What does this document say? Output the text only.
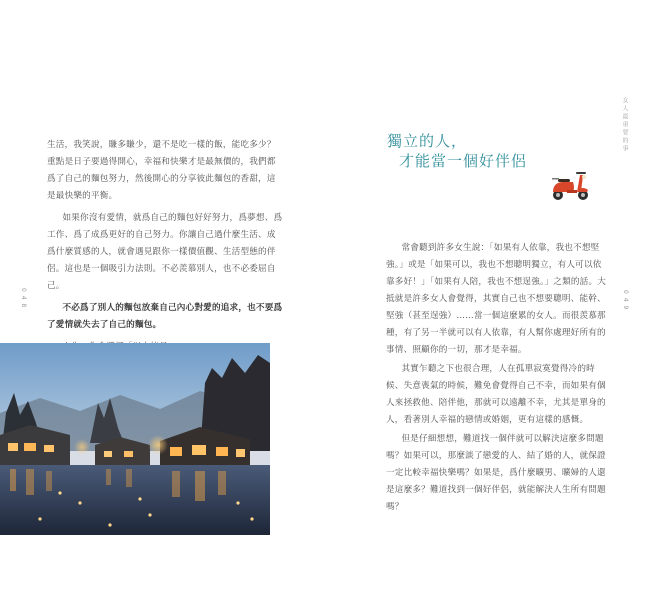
生活，我笑說，賺多賺少，還不是吃一樣的飯，能吃多少？重點是日子要過得開心，幸福和快樂才是最無價的，我們都爲了自己的麵包努力，然後開心的分享彼此麵包的香甜，這是最快樂的平衡。

如果你沒有愛情，就爲自己的麵包好好努力，爲夢想、爲工作、爲了成爲更好的自己努力。你讓自己過什麼生活、成爲什麼質感的人，就會遇見跟你一樣價值觀、生活型態的伴侶。這也是一個吸引力法則。不必羨慕別人，也不必委屈自己。

不必爲了別人的麵包放棄自己內心對愛的追求，也不要爲了愛情就失去了自己的麵包。

0 4 8
女人最重要的事
獨立的人，
才能當一個好伴侶

常會聽到許多女生說：「如果有人依靠，我也不想堅強。」或是「如果可以，我也不想聰明獨立，有人可以依靠多好！」「如果有人陪，我也不想逞強。」之類的話。大抵就是許多女人會覺得，其實自己也不想要聰明、能幹、堅強（甚至逞強）……當一個這麼累的女人。而很羨慕那種，有了另一半就可以有人依靠，有人幫你處理好所有的事情、照顧你的一切，那才是幸福。

其實乍聽之下也很合理，人在孤單寂寞覺得冷的時候、失意喪氣的時候，難免會覺得自己不幸，而如果有個人來拯救他、陪伴他，那就可以遠離不幸，尤其是單身的人，看著別人幸福的戀情或婚姻，更有這樣的感慨。

但是仔細想想，難道找一個伴就可以解決這麼多問題嗎？如果可以，那麼談了戀愛的人、結了婚的人，就保證一定比較幸福快樂嗎？如果是，爲什麼曠男、曠婦的人還是這麼多？難道找到一個好伴侶，就能解決人生所有問題嗎？

0 4 9
